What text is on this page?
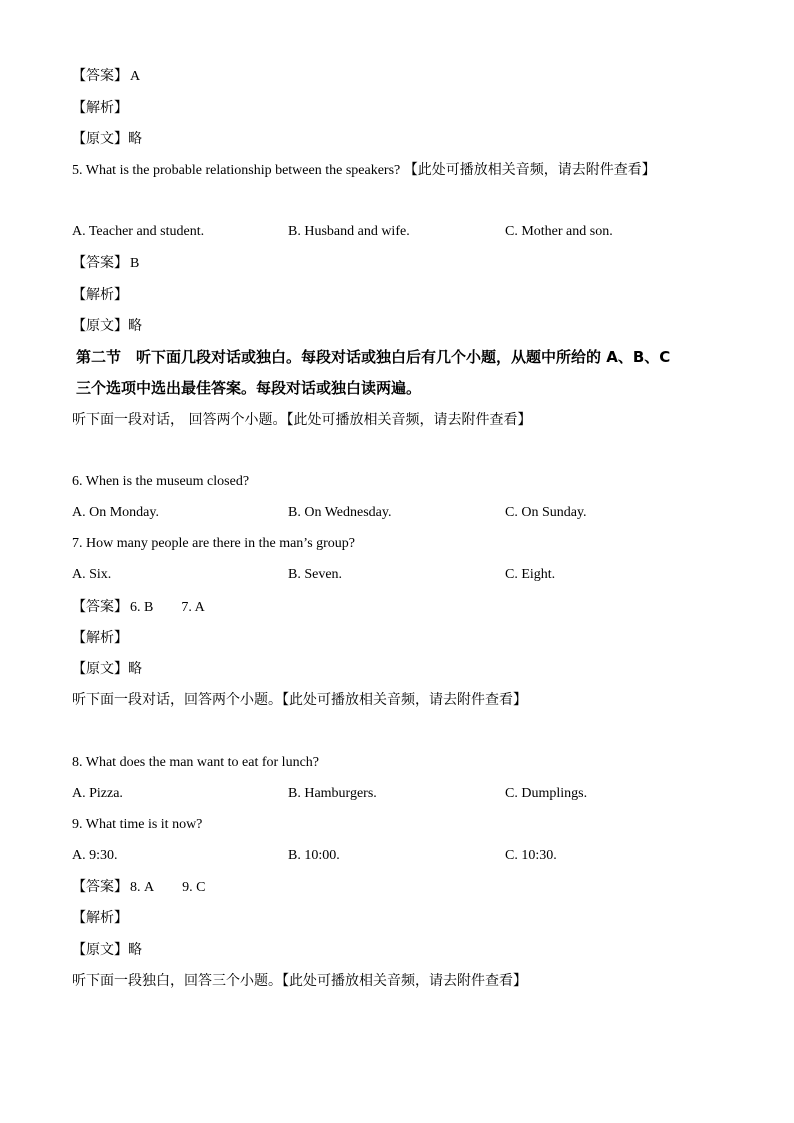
【答案】 A
【解析】
【原文】略
5. What is the probable relationship between the speakers? 【此处可播放相关音频，请去附件查看】
A. Teacher and student.	B. Husband and wife.	C. Mother and son.
【答案】 B
【解析】
【原文】略
第二节　听下面几段对话或独白。每段对话或独白后有几个小题，从题中所给的 A、B、C
三个选项中选出最佳答案。每段对话或独白读两遍。
听下面一段对话， 回答两个小题。【此处可播放相关音频，请去附件查看】
6. When is the museum closed?
A. On Monday.	B. On Wednesday.	C. On Sunday.
7. How many people are there in the man’s group?
A. Six.	B. Seven.	C. Eight.
【答案】 6. B 7. A
【解析】
【原文】略
听下面一段对话，回答两个小题。【此处可播放相关音频，请去附件查看】
8. What does the man want to eat for lunch?
A. Pizza.	B. Hamburgers.	C. Dumplings.
9. What time is it now?
A. 9:30.	B. 10:00.	C. 10:30.
【答案】 8. A 9. C
【解析】
【原文】略
听下面一段独白，回答三个小题。【此处可播放相关音频，请去附件查看】
